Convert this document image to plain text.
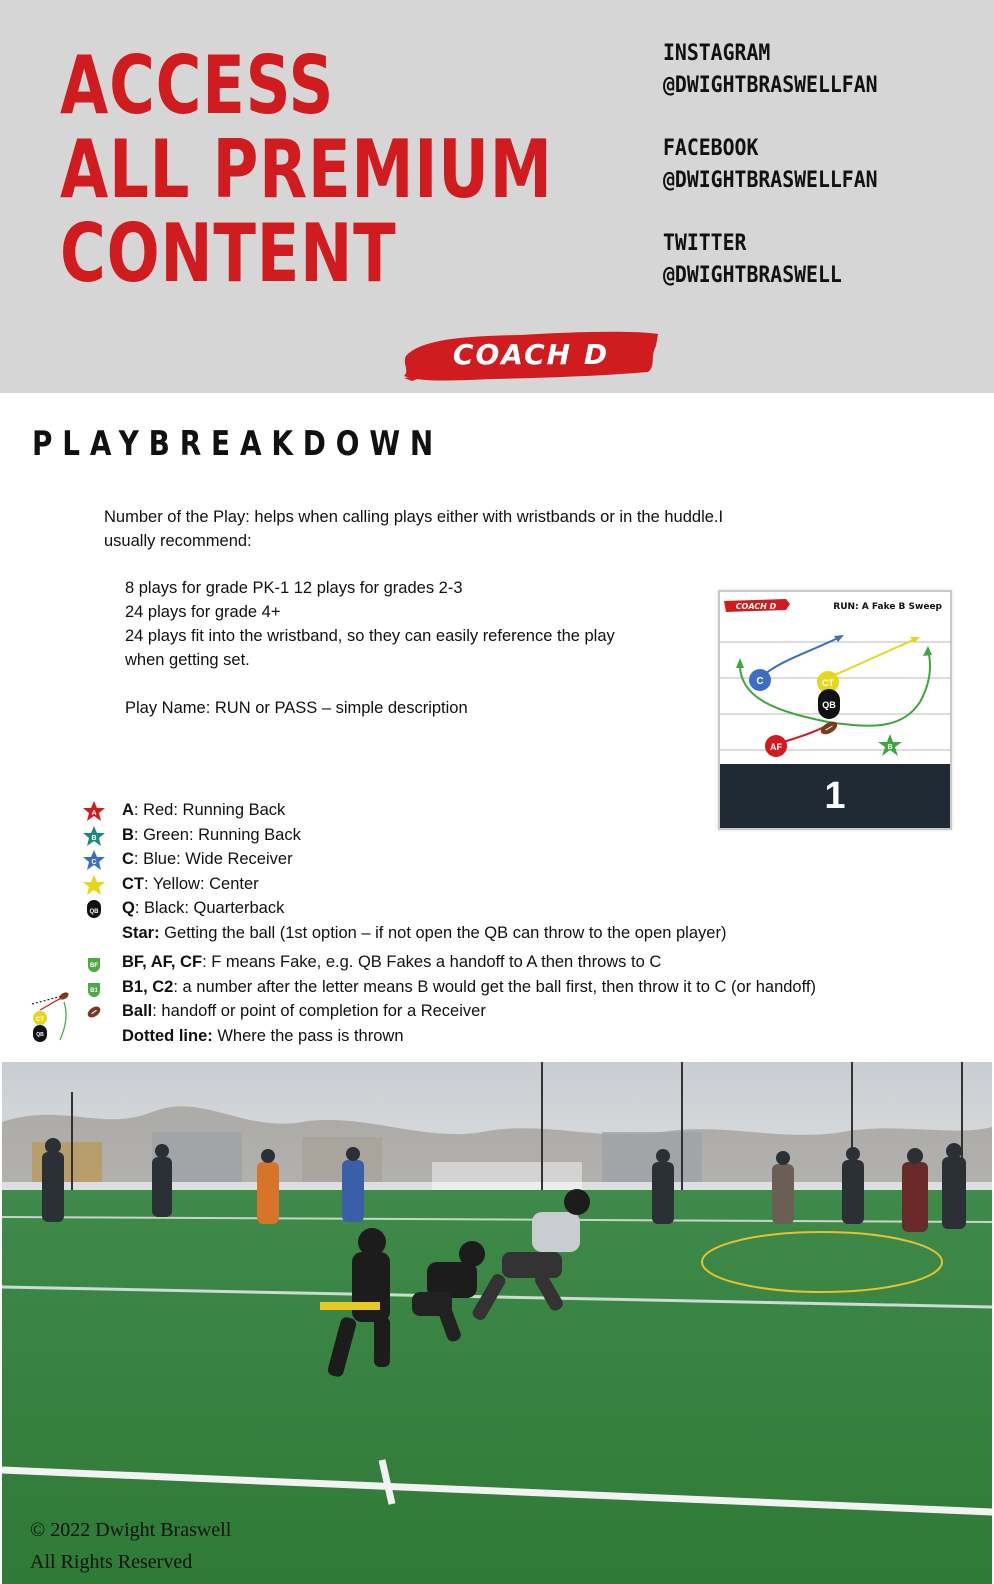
ACCESS
ALL PREMIUM
CONTENT
INSTAGRAM
@DWIGHTBRASWELLFAN
FACEBOOK
@DWIGHTBRASWELLFAN
TWITTER
@DWIGHTBRASWELL
COACH D
PLAYBREAKDOWN
Number of the Play: helps when calling plays either with wristbands or in the huddle.I usually recommend:
8 plays for grade PK-1 12 plays for grades 2-3
24 plays for grade 4+
24 plays fit into the wristband, so they can easily reference the play
when getting set.
Play Name: RUN or PASS – simple description
COACH D	RUN: A Fake B Sweep
C	CT
QB
AF	B
1
A A: Red: Running Back
B B: Green: Running Back
C C: Blue: Wide Receiver
CT: Yellow: Center
QB Q: Black: Quarterback
Star: Getting the ball (1st option – if not open the QB can throw to the open player)
BF BF, AF, CF: F means Fake, e.g. QB Fakes a handoff to A then throws to C
B1 B1, C2: a number after the letter means B would get the ball first, then throw it to C (or handoff)
Ball: handoff or point of completion for a Receiver
Dotted line: Where the pass is thrown
CT
QB
© 2022 Dwight Braswell
All Rights Reserved
